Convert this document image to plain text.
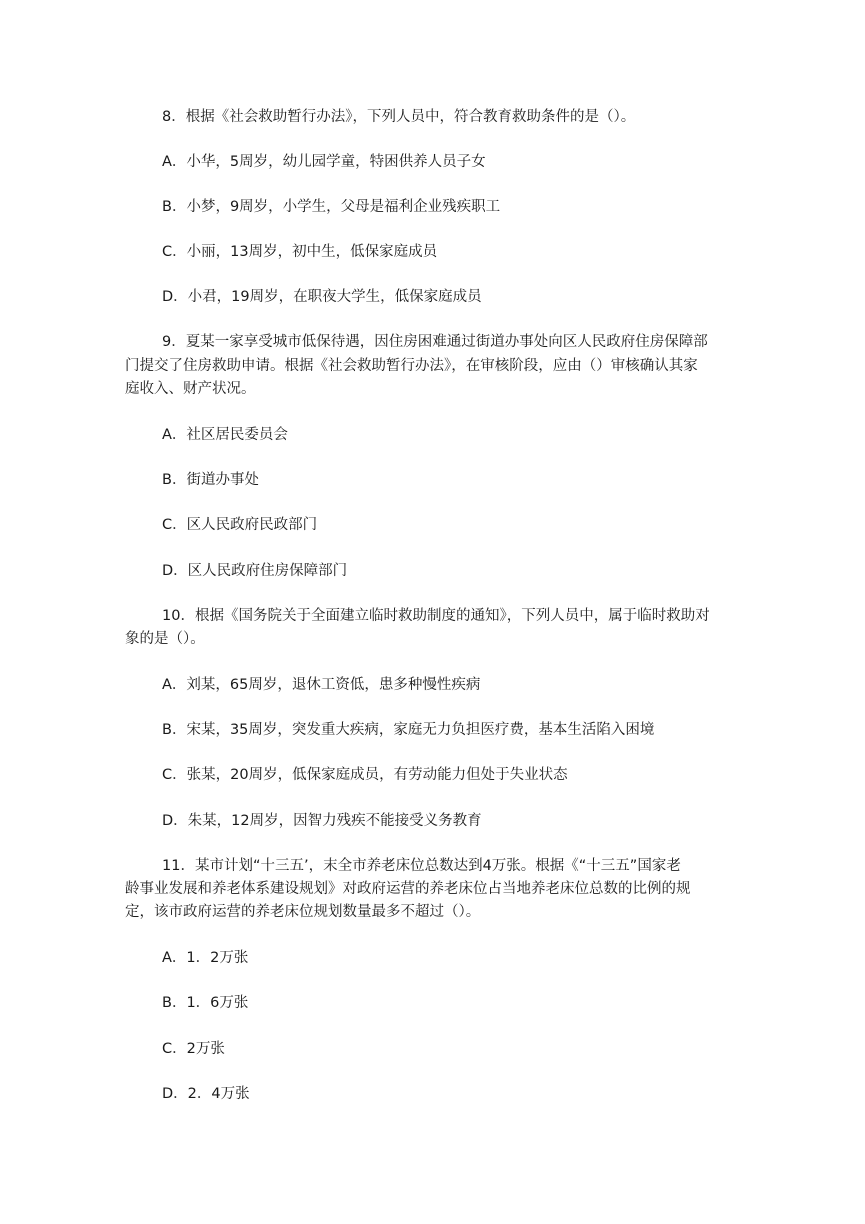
8．根据《社会救助暂行办法》，下列人员中，符合教育救助条件的是（）。
A．小华，5周岁，幼儿园学童，特困供养人员子女
B．小梦，9周岁，小学生，父母是福利企业残疾职工
C．小丽，13周岁，初中生，低保家庭成员
D．小君，19周岁，在职夜大学生，低保家庭成员
9．夏某一家享受城市低保待遇，因住房困难通过街道办事处向区人民政府住房保障部
门提交了住房救助申请。根据《社会救助暂行办法》，在审核阶段，应由（）审核确认其家
庭收入、财产状况。
A．社区居民委员会
B．街道办事处
C．区人民政府民政部门
D．区人民政府住房保障部门
10．根据《国务院关于全面建立临时救助制度的通知》，下列人员中，属于临时救助对
象的是（）。
A．刘某，65周岁，退休工资低，患多种慢性疾病
B．宋某，35周岁，突发重大疾病，家庭无力负担医疗费，基本生活陷入困境
C．张某，20周岁，低保家庭成员，有劳动能力但处于失业状态
D．朱某，12周岁，因智力残疾不能接受义务教育
11．某市计划“十三五’，末全市养老床位总数达到4万张。根据《“十三五”国家老
龄事业发展和养老体系建设规划》对政府运营的养老床位占当地养老床位总数的比例的规
定，该市政府运营的养老床位规划数量最多不超过（）。
A．1．2万张
B．1．6万张
C．2万张
D．2．4万张
